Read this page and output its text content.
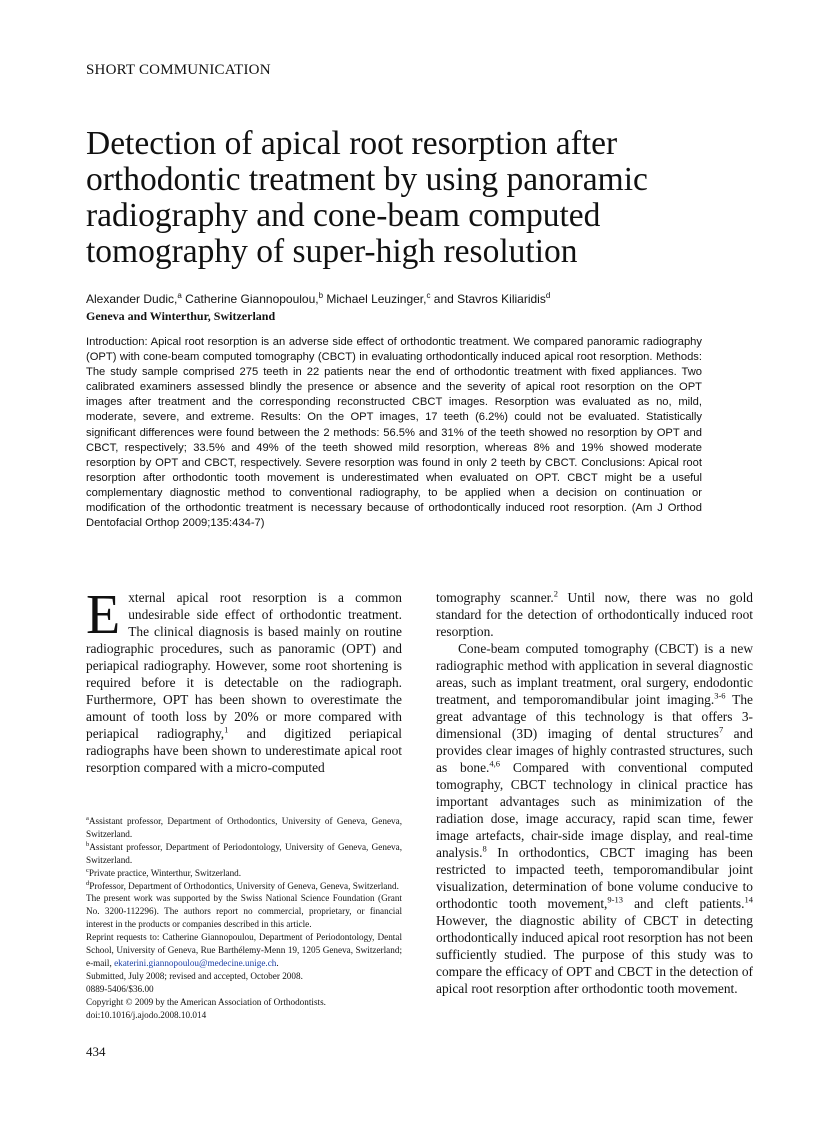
SHORT COMMUNICATION
Detection of apical root resorption after
orthodontic treatment by using panoramic
radiography and cone-beam computed
tomography of super-high resolution
Alexander Dudic,$^a$ Catherine Giannopoulou,$^b$ Michael Leuzinger,$^c$ and Stavros Kiliaridis$^d$
Geneva and Winterthur, Switzerland
Introduction: Apical root resorption is an adverse side effect of orthodontic treatment. We compared panoramic radiography (OPT) with cone-beam computed tomography (CBCT) in evaluating orthodontically induced apical root resorption. Methods: The study sample comprised 275 teeth in 22 patients near the end of orthodontic treatment with fixed appliances. Two calibrated examiners assessed blindly the presence or absence and the severity of apical root resorption on the OPT images after treatment and the corresponding reconstructed CBCT images. Resorption was evaluated as no, mild, moderate, severe, and extreme. Results: On the OPT images, 17 teeth (6.2%) could not be evaluated. Statistically significant differences were found between the 2 methods: 56.5% and 31% of the teeth showed no resorption by OPT and CBCT, respectively; 33.5% and 49% of the teeth showed mild resorption, whereas 8% and 19% showed moderate resorption by OPT and CBCT, respectively. Severe resorption was found in only 2 teeth by CBCT. Conclusions: Apical root resorption after orthodontic tooth movement is underestimated when evaluated on OPT. CBCT might be a useful complementary diagnostic method to conventional radiography, to be applied when a decision on continuation or modification of the orthodontic treatment is necessary because of orthodontically induced root resorption. (Am J Orthod Dentofacial Orthop 2009;135:434-7)

External apical root resorption is a common undesirable side effect of orthodontic treatment. The clinical diagnosis is based mainly on routine radiographic procedures, such as panoramic (OPT) and periapical radiography. However, some root shortening is required before it is detectable on the radiograph. Furthermore, OPT has been shown to overestimate the amount of tooth loss by 20% or more compared with periapical radiography,$^1$ and digitized periapical radiographs have been shown to underestimate apical root resorption compared with a micro-computed

tomography scanner.$^2$ Until now, there was no gold standard for the detection of orthodontically induced root resorption.

Cone-beam computed tomography (CBCT) is a new radiographic method with application in several diagnostic areas, such as implant treatment, oral surgery, endodontic treatment, and temporomandibular joint imaging.$^{3-6}$ The great advantage of this technology is that offers 3-dimensional (3D) imaging of dental structures$^7$ and provides clear images of highly contrasted structures, such as bone.$^{4,6}$ Compared with conventional computed tomography, CBCT technology in clinical practice has important advantages such as minimization of the radiation dose, image accuracy, rapid scan time, fewer image artefacts, chair-side image display, and real-time analysis.$^8$ In orthodontics, CBCT imaging has been restricted to impacted teeth, temporomandibular joint visualization, determination of bone volume conducive to orthodontic tooth movement,$^{9-13}$ and cleft patients.$^{14}$ However, the diagnostic ability of CBCT in detecting orthodontically induced apical root resorption has not been sufficiently studied. The purpose of this study was to compare the efficacy of OPT and CBCT in the detection of apical root resorption after orthodontic tooth movement.

$^a$Assistant professor, Department of Orthodontics, University of Geneva, Geneva, Switzerland.

$^b$Assistant professor, Department of Periodontology, University of Geneva, Geneva, Switzerland.

$^c$Private practice, Winterthur, Switzerland.

$^d$Professor, Department of Orthodontics, University of Geneva, Geneva, Switzerland.

The present work was supported by the Swiss National Science Foundation (Grant No. 3200-112296). The authors report no commercial, proprietary, or financial interest in the products or companies described in this article.

Reprint requests to: Catherine Giannopoulou, Department of Periodontology, Dental School, University of Geneva, Rue Barthélemy-Menn 19, 1205 Geneva, Switzerland; e-mail, ekaterini.giannopoulou@medecine.unige.ch.

Submitted, July 2008; revised and accepted, October 2008.

0889-5406/$36.00

Copyright © 2009 by the American Association of Orthodontists.

doi:10.1016/j.ajodo.2008.10.014

434
